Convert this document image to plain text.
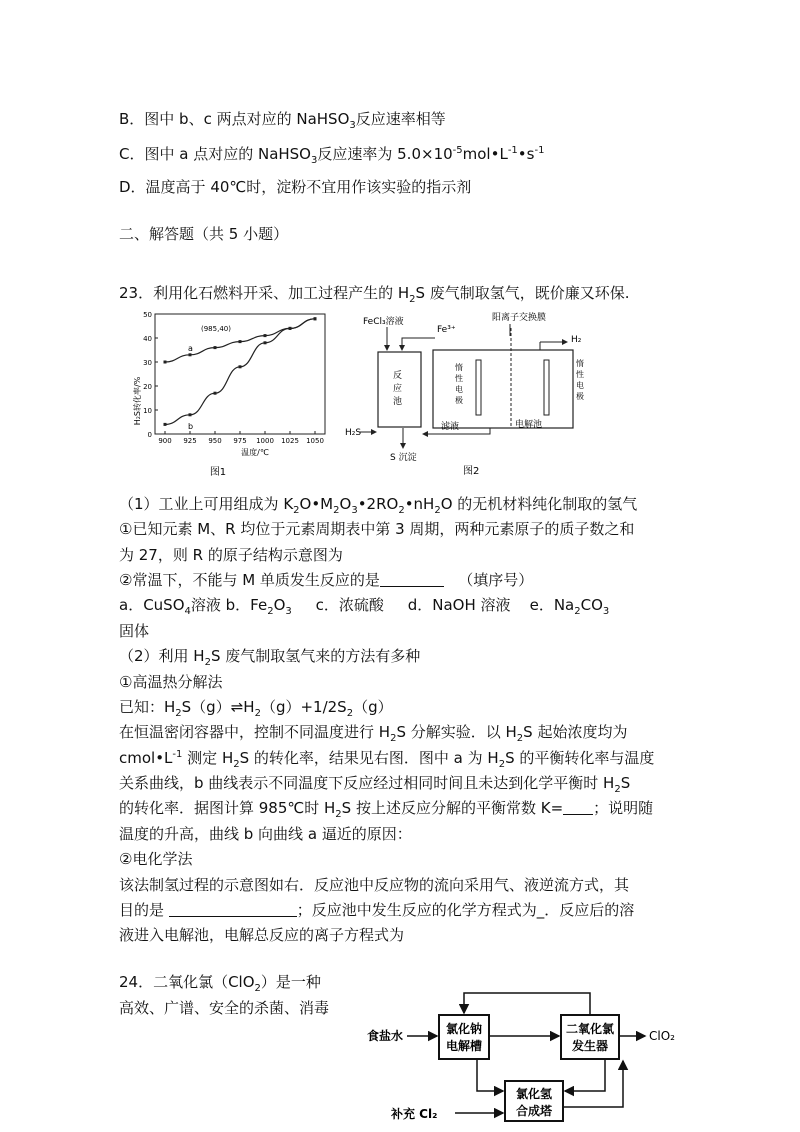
B．图中 b、c 两点对应的 NaHSO$_3$反应速率相等
C．图中 a 点对应的 NaHSO$_3$反应速率为 $5.0\times 10^{-5}mol•L^{-1}•s^{-1}$
D．温度高于 40℃时，淀粉不宜用作该实验的指示剂
二、解答题（共 5 小题）
23．利用化石燃料开采、加工过程产生的 $H_2S$ 废气制取氢气，既价廉又环保.
0
10
20
30
40
50
900 925 950 975 1000 1025 1050
a
b
(985,40)
H₂S转化率/%
温度/℃
图1
FeCl₃溶液
Fe³⁺
阳离子交换膜
H₂
反
应
池
惰
性
电
极
惰
性
电
极
H₂S
S 沉淀
滤液	电解池
图2
（1）工业上可用组成为 $K_2O•M_2O_3•2RO_2•nH_2O$ 的无机材料纯化制取的氢气
①已知元素 M、R 均位于元素周期表中第 3 周期，两种元素原子的质子数之和
为 27，则 R 的原子结构示意图为
②常温下，不能与 M 单质发生反应的是	（填序号）
a．CuSO$_4$溶液 b．$Fe_2O_3$ c．浓硫酸 d．NaOH 溶液 e．$Na_2CO_3$
固体
（2）利用 $H_2S$ 废气制取氢气来的方法有多种
①高温热分解法
已知：$H_2S(g)\rightleftharpoons H_2(g)+1/2S_2(g)$
在恒温密闭容器中，控制不同温度进行 $H_2S$ 分解实验．以 $H_2S$ 起始浓度均为
$cmol•L^{-1}$ 测定 $H_2S$ 的转化率，结果见右图．图中 a 为 $H_2S$ 的平衡转化率与温度
关系曲线，b 曲线表示不同温度下反应经过相同时间且未达到化学平衡时 $H_2S$
的转化率．据图计算 985℃时 $H_2S$ 按上述反应分解的平衡常数 K= ；说明随
温度的升高，曲线 b 向曲线 a 逼近的原因：
②电化学法
该法制氢过程的示意图如右．反应池中反应物的流向采用气、液逆流方式，其
目的是	；反应池中发生反应的化学方程式为_．反应后的溶
液进入电解池，电解总反应的离子方程式为
24．二氧化氯（ClO$_2$）是一种
高效、广谱、安全的杀菌、消毒
食盐水	氯化钠
电解槽
二氧化氯
发生器
ClO₂
氯化氢
合成塔
补充 Cl₂
